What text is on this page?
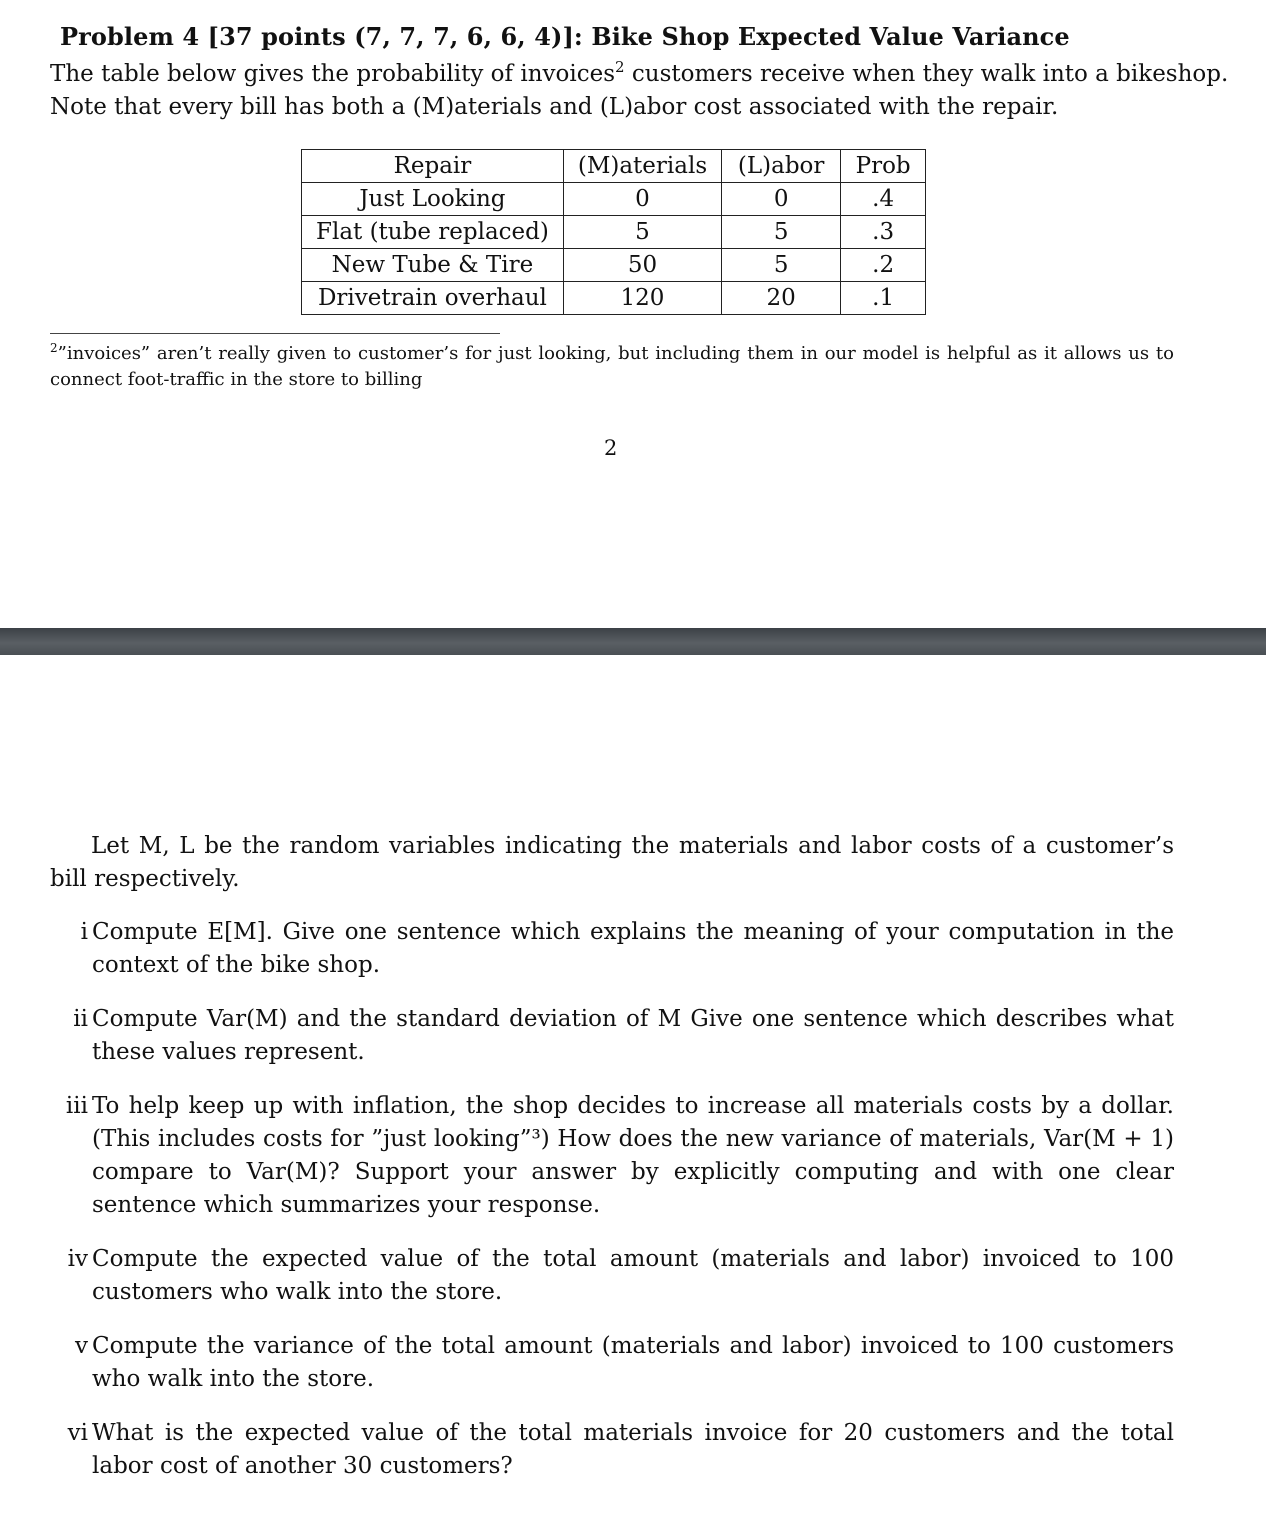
Problem 4 [37 points (7, 7, 7, 6, 6, 4)]: Bike Shop Expected Value Variance
The table below gives the probability of invoices$^2$ customers receive when they walk into a bikeshop.
Note that every bill has both a (M)aterials and (L)abor cost associated with the repair.
Repair	(M)aterials	(L)abor	Prob
Just Looking	0	0	.4
Flat (tube replaced)	5	5	.3
New Tube & Tire	50	5	.2
Drivetrain overhaul	120	20	.1
$^2$”invoices” aren’t really given to customer’s for just looking, but including them in our model is helpful as it allows us to connect foot-traffic in the store to billing
2
Let M, L be the random variables indicating the materials and labor costs of a customer’s bill respectively.
i Compute E[M]. Give one sentence which explains the meaning of your computation in the context of the bike shop.
ii Compute Var(M) and the standard deviation of M Give one sentence which describes what these values represent.
iii To help keep up with inflation, the shop decides to increase all materials costs by a dollar. (This includes costs for ”just looking”³) How does the new variance of materials, Var(M + 1) compare to Var(M)? Support your answer by explicitly computing and with one clear sentence which summarizes your response.
iv Compute the expected value of the total amount (materials and labor) invoiced to 100 customers who walk into the store.
v Compute the variance of the total amount (materials and labor) invoiced to 100 customers who walk into the store.
vi What is the expected value of the total materials invoice for 20 customers and the total labor cost of another 30 customers?
